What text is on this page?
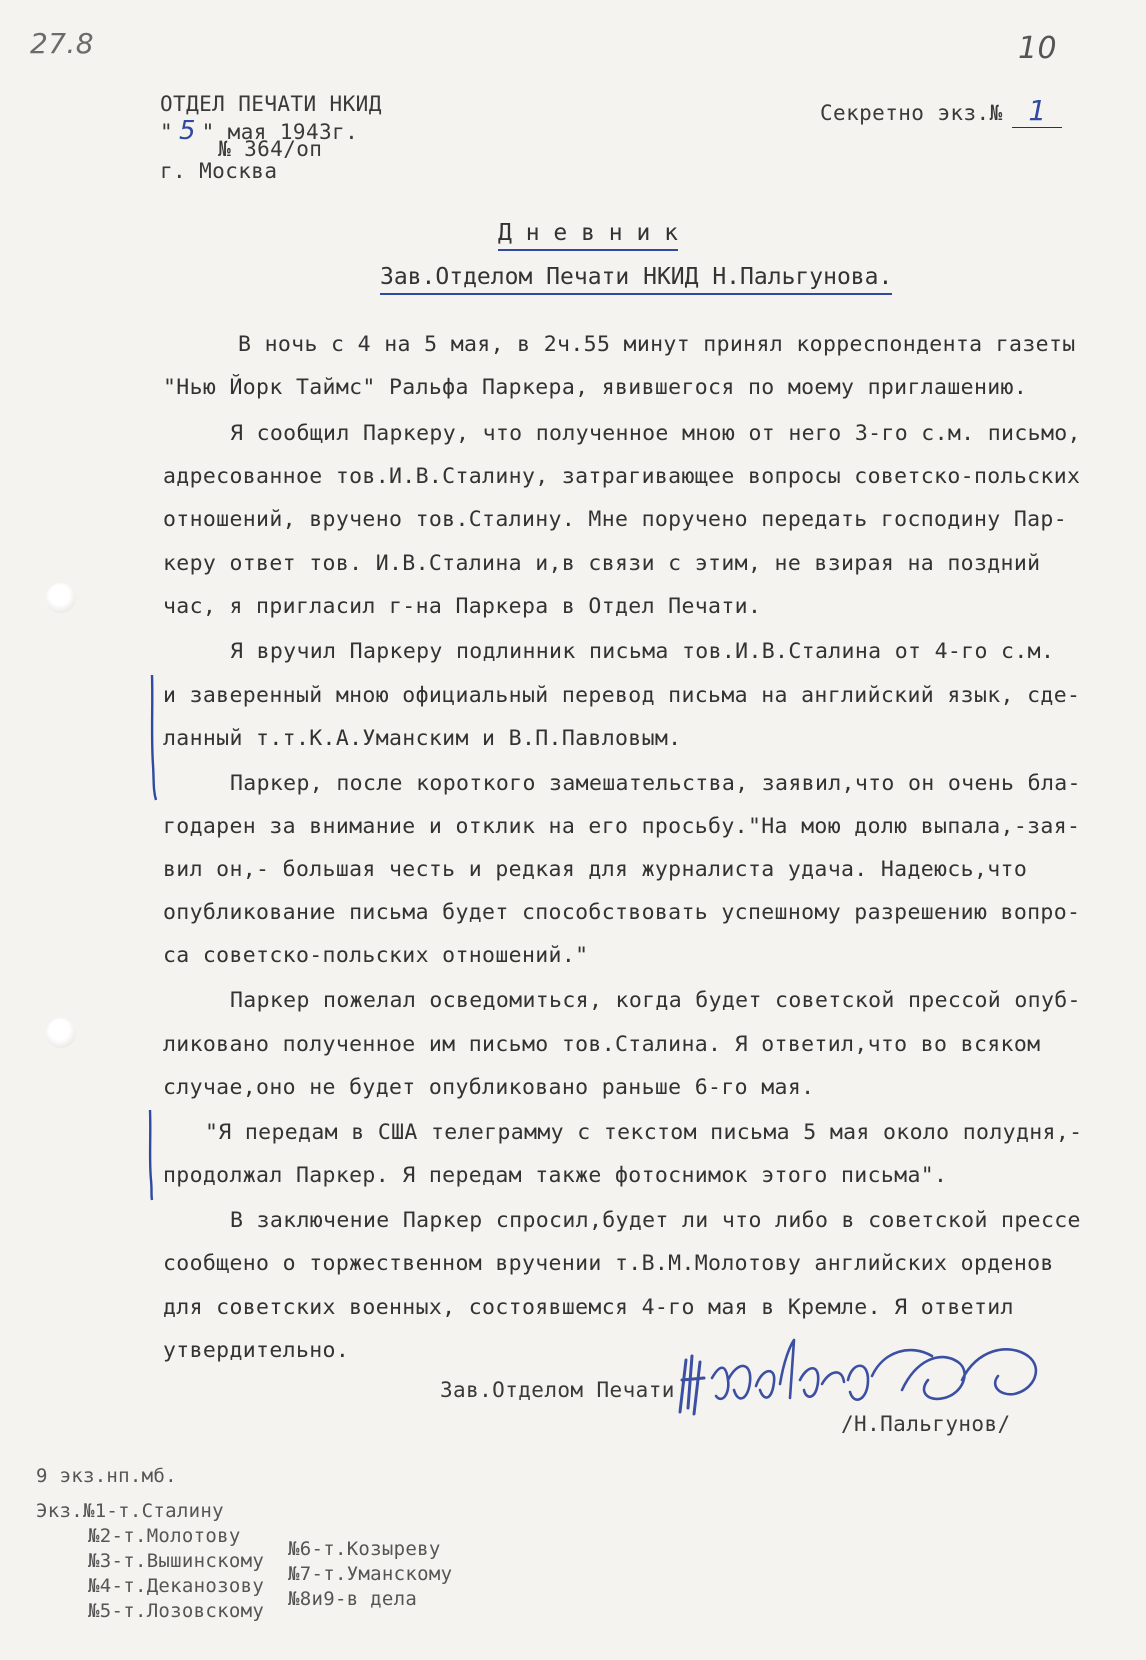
27.8	10
ОТДЕЛ ПЕЧАТИ НКИД
" 5 " мая 1943г.
№ 364/оп
г. Москва
Секретно экз.№ 1
Д н е в н и к
Зав.Отделом Печати НКИД Н.Пальгунова.
В ночь с 4 на 5 мая, в 2ч.55 минут принял корреспондента газеты
"Нью Йорк Таймс" Ральфа Паркера, явившегося по моему приглашению.
Я сообщил Паркеру, что полученное мною от него 3-го с.м. письмо,
адресованное тов.И.В.Сталину, затрагивающее вопросы советско-польских
отношений, вручено тов.Сталину. Мне поручено передать господину Пар-
керу ответ тов. И.В.Сталина и,в связи с этим, не взирая на поздний
час, я пригласил г-на Паркера в Отдел Печати.
Я вручил Паркеру подлинник письма тов.И.В.Сталина от 4-го с.м.
и заверенный мною официальный перевод письма на английский язык, сде-
ланный т.т.К.А.Уманским и В.П.Павловым.
Паркер, после короткого замешательства, заявил,что он очень бла-
годарен за внимание и отклик на его просьбу."На мою долю выпала,-зая-
вил он,- большая честь и редкая для журналиста удача. Надеюсь,что
опубликование письма будет способствовать успешному разрешению вопро-
са советско-польских отношений."
Паркер пожелал осведомиться, когда будет советской прессой опуб-
ликовано полученное им письмо тов.Сталина. Я ответил,что во всяком
случае,оно не будет опубликовано раньше 6-го мая.
"Я передам в США телеграмму с текстом письма 5 мая около полудня,-
продолжал Паркер. Я передам также фотоснимок этого письма".
В заключение Паркер спросил,будет ли что либо в советской прессе
сообщено о торжественном вручении т.В.М.Молотову английских орденов
для советских военных, состоявшемся 4-го мая в Кремле. Я ответил
утвердительно.
Зав.Отделом Печати
/Н.Пальгунов/
9 экз.нп.мб.
Экз.№1-т.Сталину
№2-т.Молотову
№3-т.Вышинскому
№4-т.Деканозову
№5-т.Лозовскому
№6-т.Козыреву
№7-т.Уманскому
№8и9-в дела
